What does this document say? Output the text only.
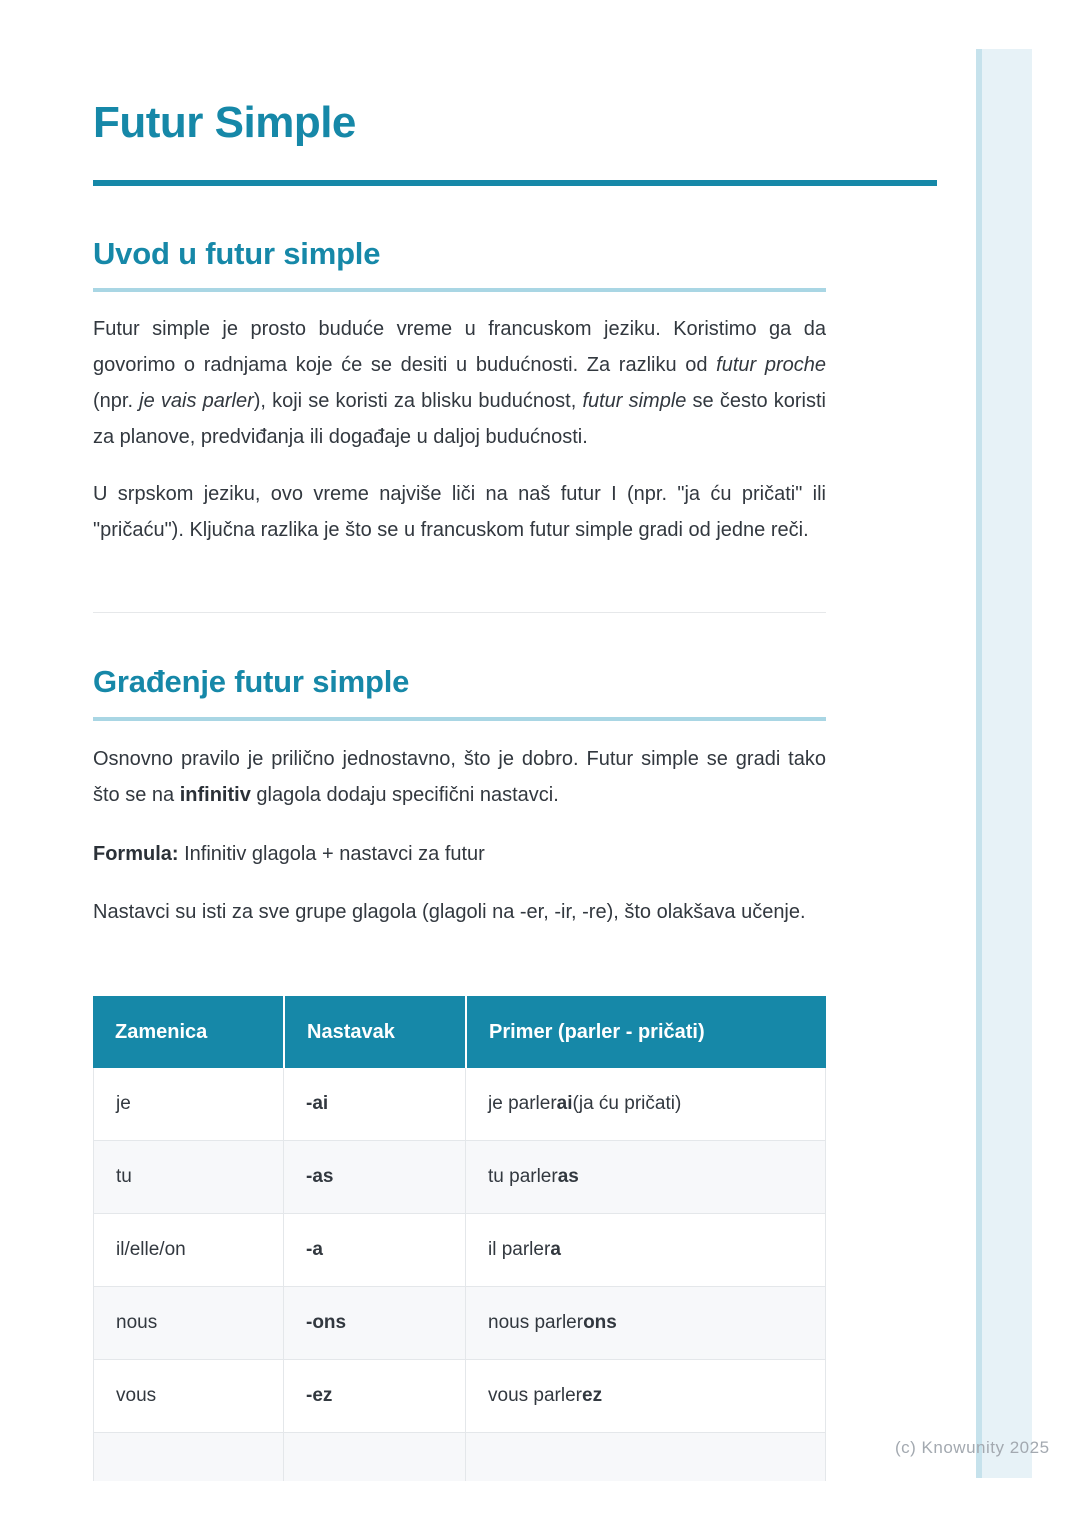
(c) Knowunity 2025
Futur Simple
Uvod u futur simple

Futur simple je prosto buduće vreme u francuskom jeziku. Koristimo ga da govorimo o radnjama koje će se desiti u budućnosti. Za razliku od futur proche (npr. je vais parler), koji se koristi za blisku budućnost, futur simple se često koristi za planove, predviđanja ili događaje u daljoj budućnosti.

U srpskom jeziku, ovo vreme najviše liči na naš futur I (npr. "ja ću pričati" ili "pričaću"). Ključna razlika je što se u francuskom futur simple gradi od jedne reči.

Građenje futur simple

Osnovno pravilo je prilično jednostavno, što je dobro. Futur simple se gradi tako što se na infinitiv glagola dodaju specifični nastavci.

Formula: Infinitiv glagola + nastavci za futur

Nastavci su isti za sve grupe glagola (glagoli na -er, -ir, -re), što olakšava učenje.

Zamenica	Nastavak	Primer (parler - pričati)
je	-ai	je parler ai (ja ću pričati)
tu	-as	tu parler as
il/elle/on	-a	il parler a
nous	-ons	nous parler ons
vous	-ez	vous parler ez
